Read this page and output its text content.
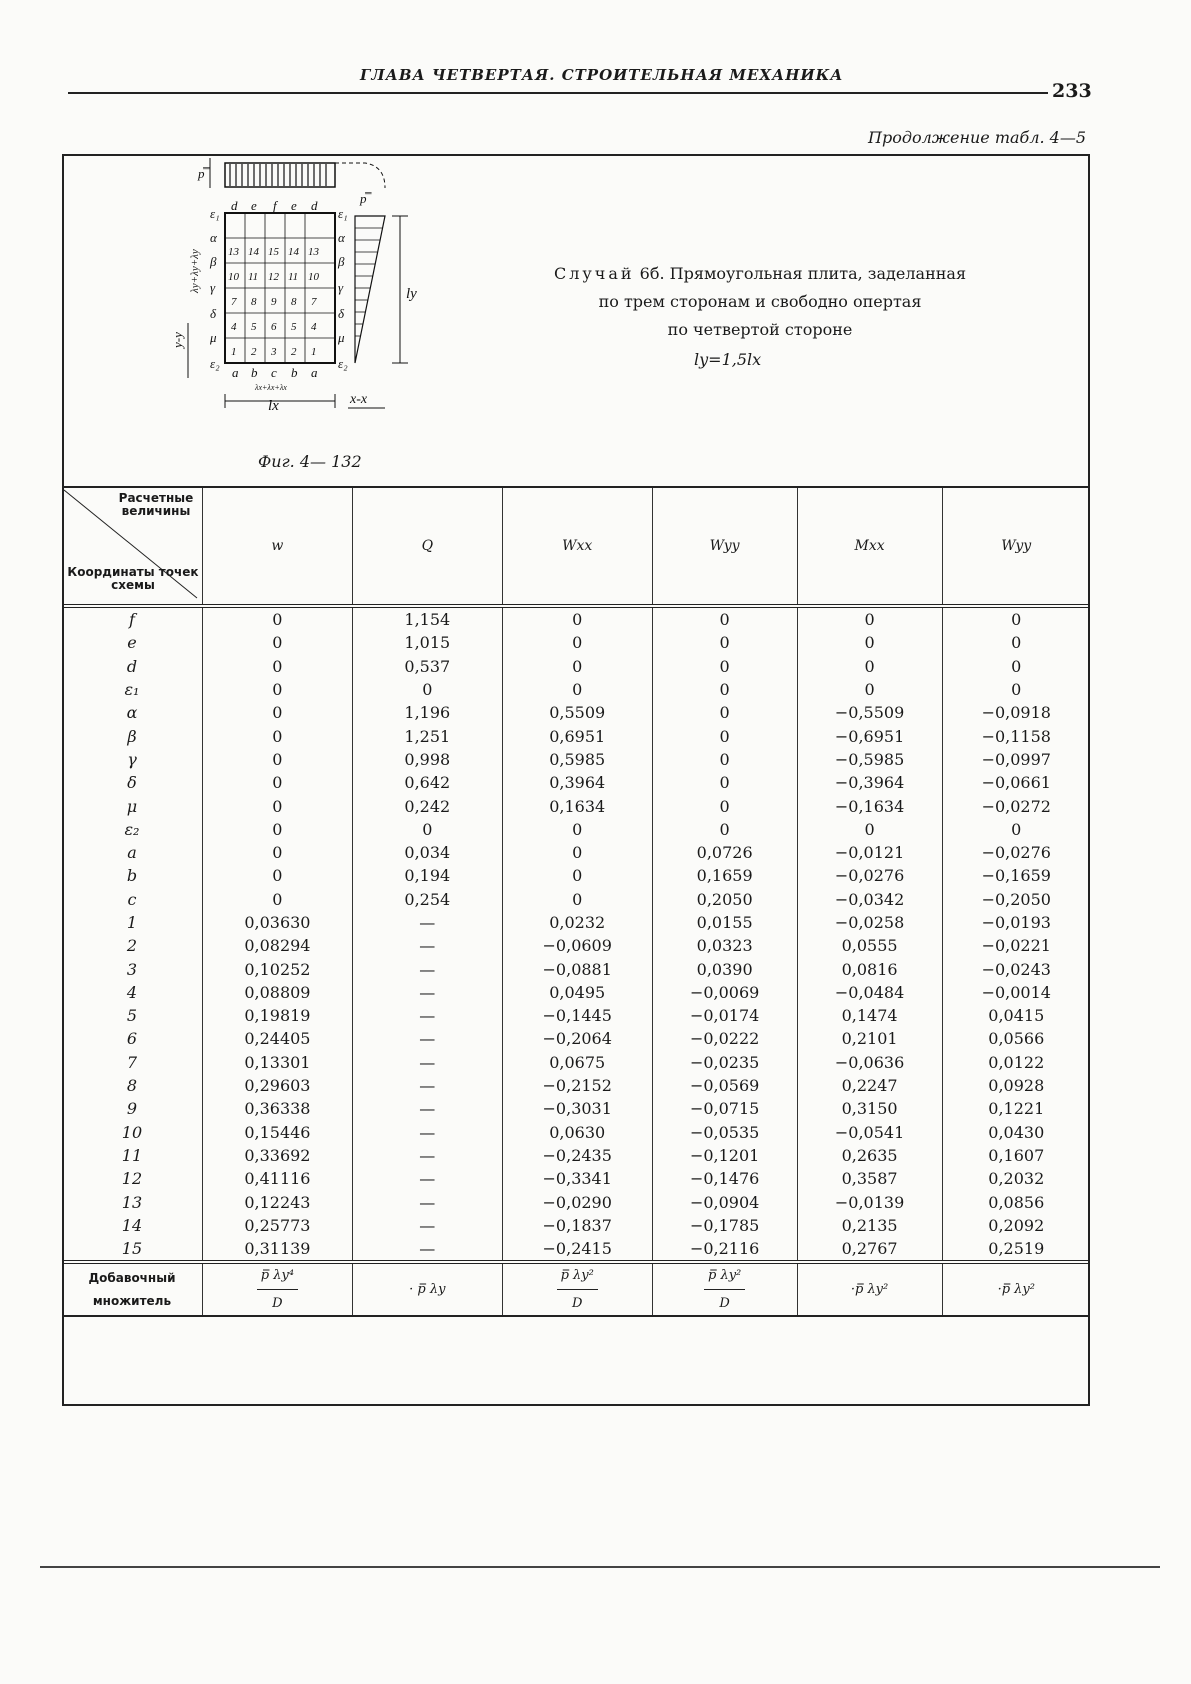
ГЛАВА ЧЕТВЕРТАЯ. СТРОИТЕЛЬНАЯ МЕХАНИКА
233
Продолжение табл. 4—5
p̿
13 14 15 14 13
10 11 12 11 10
7 8 9 8 7
4 5 6 5 4
1 2 3 2 1
d e f e d
a b c b a
ε₁
α
β
γ
δ
μ
ε₂
ε₁
α
β
γ
δ
μ
ε₂
p̿
ly
lx
λx+λx+λx
x-x
y-y
λy+λy+λy
Фиг. 4— 132
Случай 6б. Прямоугольная плита, заделанная
по трем сторонам и свободно опертая
по четвертой стороне
ly=1,5lx
Расчетные величины
Координаты точек схемы	w	Q	Wxx	Wyy	Mxx	Wyy
f	0	1,154	0	0	0	0
e	0	1,015	0	0	0	0
d	0	0,537	0	0	0	0
ε₁	0	0	0	0	0	0
α	0	1,196	0,5509	0	−0,5509	−0,0918
β	0	1,251	0,6951	0	−0,6951	−0,1158
γ	0	0,998	0,5985	0	−0,5985	−0,0997
δ	0	0,642	0,3964	0	−0,3964	−0,0661
μ	0	0,242	0,1634	0	−0,1634	−0,0272
ε₂	0	0	0	0	0	0
a	0	0,034	0	0,0726	−0,0121	−0,0276
b	0	0,194	0	0,1659	−0,0276	−0,1659
c	0	0,254	0	0,2050	−0,0342	−0,2050
1	0,03630	—	0,0232	0,0155	−0,0258	−0,0193
2	0,08294	—	−0,0609	0,0323	0,0555	−0,0221
3	0,10252	—	−0,0881	0,0390	0,0816	−0,0243
4	0,08809	—	0,0495	−0,0069	−0,0484	−0,0014
5	0,19819	—	−0,1445	−0,0174	0,1474	0,0415
6	0,24405	—	−0,2064	−0,0222	0,2101	0,0566
7	0,13301	—	0,0675	−0,0235	−0,0636	0,0122
8	0,29603	—	−0,2152	−0,0569	0,2247	0,0928
9	0,36338	—	−0,3031	−0,0715	0,3150	0,1221
10	0,15446	—	0,0630	−0,0535	−0,0541	0,0430
11	0,33692	—	−0,2435	−0,1201	0,2635	0,1607
12	0,41116	—	−0,3341	−0,1476	0,3587	0,2032
13	0,12243	—	−0,0290	−0,0904	−0,0139	0,0856
14	0,25773	—	−0,1837	−0,1785	0,2135	0,2092
15	0,31139	—	−0,2415	−0,2116	0,2767	0,2519
Добавочный множитель	$\frac{\text{p̿ λy⁴}}{D}$	· p̿ λy	$\frac{\text{p̿ λy²}}{D}$	$\frac{\text{p̿ λy²}}{D}$	·p̿ λy²	·p̿ λy²
